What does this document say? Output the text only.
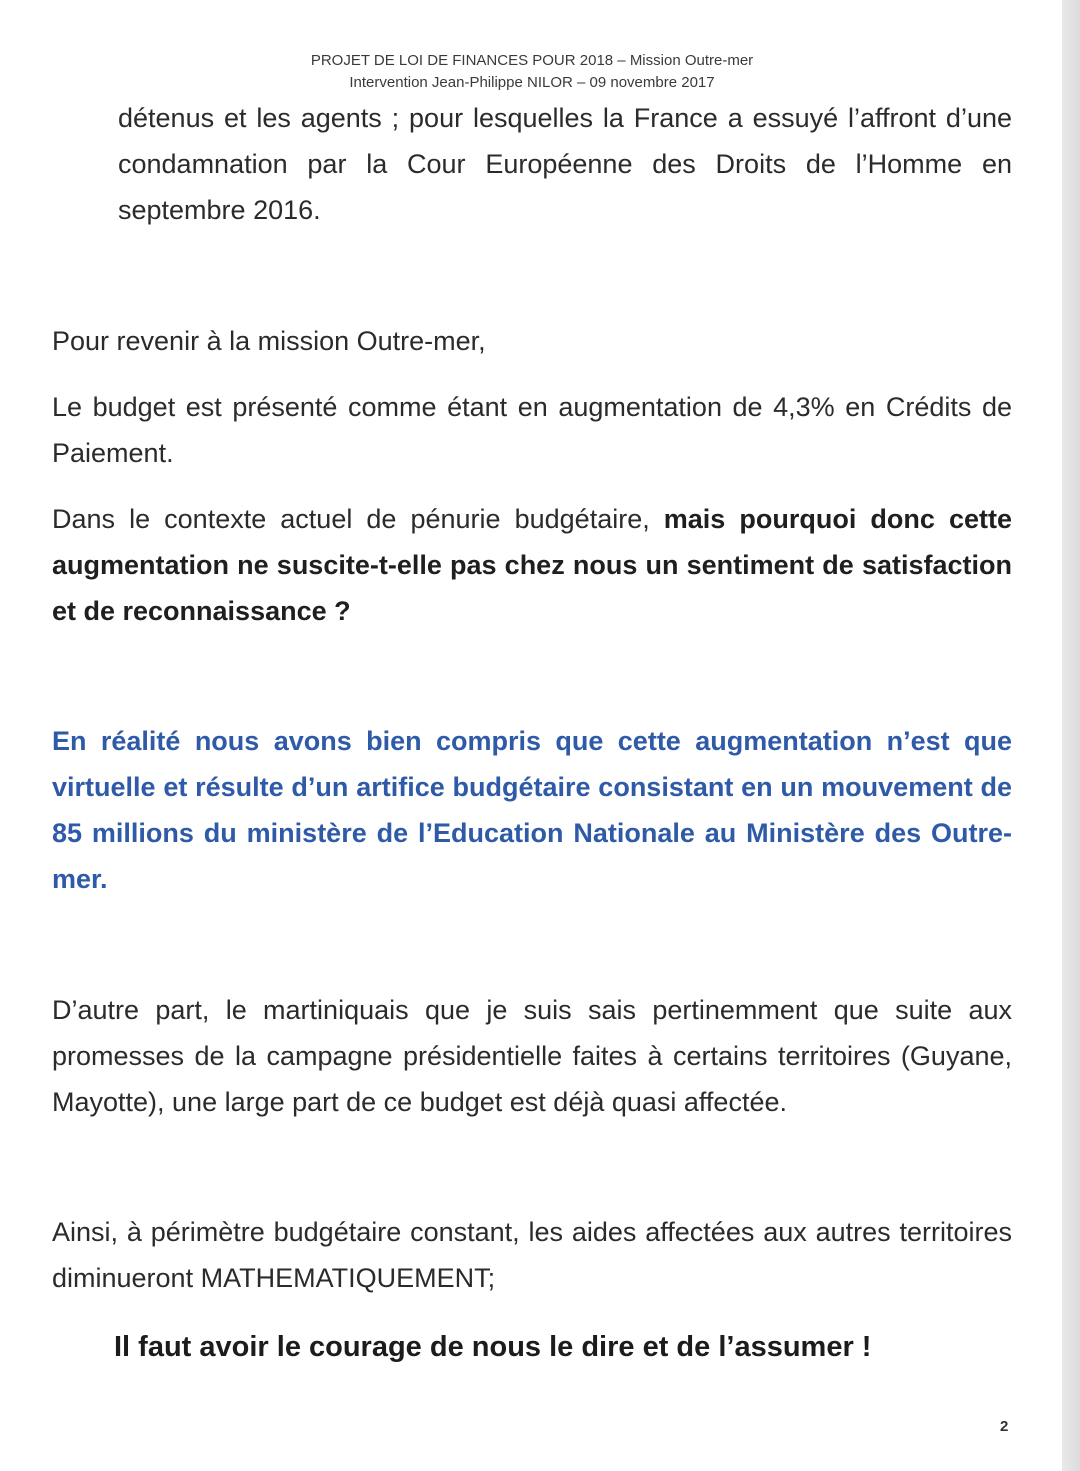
PROJET DE LOI DE FINANCES POUR 2018 – Mission Outre-mer
Intervention Jean-Philippe NILOR – 09 novembre 2017

détenus et les agents ; pour lesquelles la France a essuyé l’affront d’une condamnation par la Cour Européenne des Droits de l’Homme en septembre 2016.

Pour revenir à la mission Outre-mer,

Le budget est présenté comme étant en augmentation de 4,3% en Crédits de Paiement.

Dans le contexte actuel de pénurie budgétaire, mais pourquoi donc cette augmentation ne suscite-t-elle pas chez nous un sentiment de satisfaction et de reconnaissance ?

En réalité nous avons bien compris que cette augmentation n’est que virtuelle et résulte d’un artifice budgétaire consistant en un mouvement de 85 millions du ministère de l’Education Nationale au Ministère des Outre-mer.

D’autre part, le martiniquais que je suis sais pertinemment que suite aux promesses de la campagne présidentielle faites à certains territoires (Guyane, Mayotte), une large part de ce budget est déjà quasi affectée.

Ainsi, à périmètre budgétaire constant, les aides affectées aux autres territoires diminueront MATHEMATIQUEMENT;

Il faut avoir le courage de nous le dire et de l’assumer !
2
